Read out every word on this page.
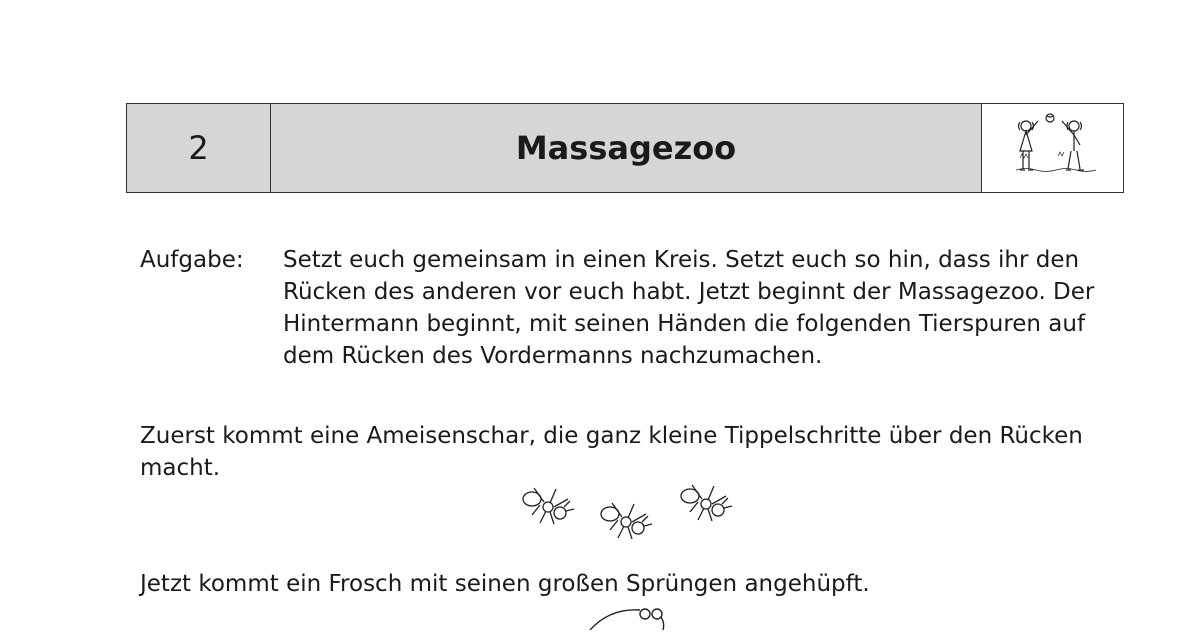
2	Massagezoo
Aufgabe: Setzt euch gemeinsam in einen Kreis. Setzt euch so hin, dass ihr den Rücken des anderen vor euch habt. Jetzt beginnt der Massagezoo. Der Hintermann beginnt, mit seinen Händen die folgenden Tierspuren auf dem Rücken des Vordermanns nachzumachen.
Zuerst kommt eine Ameisenschar, die ganz kleine Tippelschritte über den Rücken macht.
Jetzt kommt ein Frosch mit seinen großen Sprüngen angehüpft.
